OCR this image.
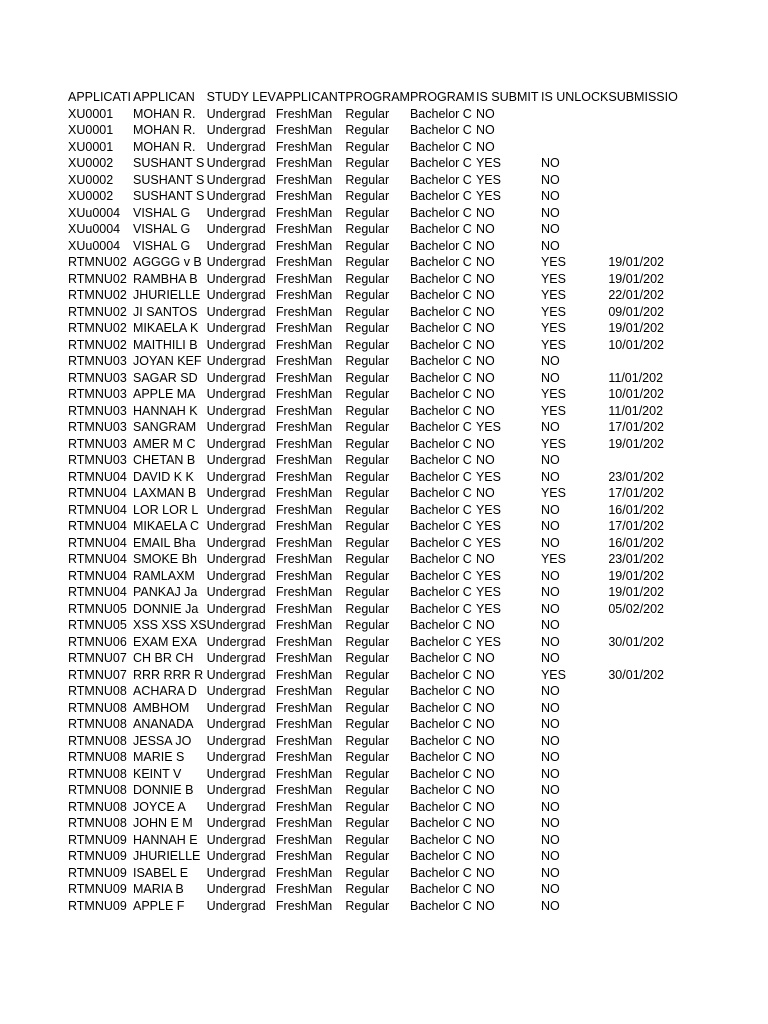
APPLICATI	APPLICAN	STUDY LEV	APPLICANT	PROGRAM	PROGRAM	IS SUBMIT	IS UNLOCK	SUBMISSIO
XU0001	MOHAN R.	Undergrad	FreshMan	Regular	Bachelor C	NO		
XU0001	MOHAN R.	Undergrad	FreshMan	Regular	Bachelor C	NO		
XU0001	MOHAN R.	Undergrad	FreshMan	Regular	Bachelor C	NO		
XU0002	SUSHANT S	Undergrad	FreshMan	Regular	Bachelor C	YES	NO	
XU0002	SUSHANT S	Undergrad	FreshMan	Regular	Bachelor C	YES	NO	
XU0002	SUSHANT S	Undergrad	FreshMan	Regular	Bachelor C	YES	NO	
XUu0004	VISHAL G	Undergrad	FreshMan	Regular	Bachelor C	NO	NO	
XUu0004	VISHAL G	Undergrad	FreshMan	Regular	Bachelor C	NO	NO	
XUu0004	VISHAL G	Undergrad	FreshMan	Regular	Bachelor C	NO	NO	
RTMNU02	AGGGG v B	Undergrad	FreshMan	Regular	Bachelor C	NO	YES	19/01/202
RTMNU02	RAMBHA B	Undergrad	FreshMan	Regular	Bachelor C	NO	YES	19/01/202
RTMNU02	JHURIELLE	Undergrad	FreshMan	Regular	Bachelor C	NO	YES	22/01/202
RTMNU02	JI SANTOS	Undergrad	FreshMan	Regular	Bachelor C	NO	YES	09/01/202
RTMNU02	MIKAELA K	Undergrad	FreshMan	Regular	Bachelor C	NO	YES	19/01/202
RTMNU02	MAITHILI B	Undergrad	FreshMan	Regular	Bachelor C	NO	YES	10/01/202
RTMNU03	JOYAN KEF	Undergrad	FreshMan	Regular	Bachelor C	NO	NO	
RTMNU03	SAGAR SD	Undergrad	FreshMan	Regular	Bachelor C	NO	NO	11/01/202
RTMNU03	APPLE MA	Undergrad	FreshMan	Regular	Bachelor C	NO	YES	10/01/202
RTMNU03	HANNAH K	Undergrad	FreshMan	Regular	Bachelor C	NO	YES	11/01/202
RTMNU03	SANGRAM	Undergrad	FreshMan	Regular	Bachelor C	YES	NO	17/01/202
RTMNU03	AMER M C	Undergrad	FreshMan	Regular	Bachelor C	NO	YES	19/01/202
RTMNU03	CHETAN B	Undergrad	FreshMan	Regular	Bachelor C	NO	NO	
RTMNU04	DAVID K K	Undergrad	FreshMan	Regular	Bachelor C	YES	NO	23/01/202
RTMNU04	LAXMAN B	Undergrad	FreshMan	Regular	Bachelor C	NO	YES	17/01/202
RTMNU04	LOR LOR L	Undergrad	FreshMan	Regular	Bachelor C	YES	NO	16/01/202
RTMNU04	MIKAELA C	Undergrad	FreshMan	Regular	Bachelor C	YES	NO	17/01/202
RTMNU04	EMAIL Bha	Undergrad	FreshMan	Regular	Bachelor C	YES	NO	16/01/202
RTMNU04	SMOKE Bh	Undergrad	FreshMan	Regular	Bachelor C	NO	YES	23/01/202
RTMNU04	RAMLAXM	Undergrad	FreshMan	Regular	Bachelor C	YES	NO	19/01/202
RTMNU04	PANKAJ Ja	Undergrad	FreshMan	Regular	Bachelor C	YES	NO	19/01/202
RTMNU05	DONNIE Ja	Undergrad	FreshMan	Regular	Bachelor C	YES	NO	05/02/202
RTMNU05	XSS XSS XS	Undergrad	FreshMan	Regular	Bachelor C	NO	NO	
RTMNU06	EXAM EXA	Undergrad	FreshMan	Regular	Bachelor C	YES	NO	30/01/202
RTMNU07	CH BR CH	Undergrad	FreshMan	Regular	Bachelor C	NO	NO	
RTMNU07	RRR RRR R	Undergrad	FreshMan	Regular	Bachelor C	NO	YES	30/01/202
RTMNU08	ACHARA D	Undergrad	FreshMan	Regular	Bachelor C	NO	NO	
RTMNU08	AMBHOM	Undergrad	FreshMan	Regular	Bachelor C	NO	NO	
RTMNU08	ANANADA	Undergrad	FreshMan	Regular	Bachelor C	NO	NO	
RTMNU08	JESSA JO	Undergrad	FreshMan	Regular	Bachelor C	NO	NO	
RTMNU08	MARIE S	Undergrad	FreshMan	Regular	Bachelor C	NO	NO	
RTMNU08	KEINT V	Undergrad	FreshMan	Regular	Bachelor C	NO	NO	
RTMNU08	DONNIE B	Undergrad	FreshMan	Regular	Bachelor C	NO	NO	
RTMNU08	JOYCE A	Undergrad	FreshMan	Regular	Bachelor C	NO	NO	
RTMNU08	JOHN E M	Undergrad	FreshMan	Regular	Bachelor C	NO	NO	
RTMNU09	HANNAH E	Undergrad	FreshMan	Regular	Bachelor C	NO	NO	
RTMNU09	JHURIELLE	Undergrad	FreshMan	Regular	Bachelor C	NO	NO	
RTMNU09	ISABEL E	Undergrad	FreshMan	Regular	Bachelor C	NO	NO	
RTMNU09	MARIA B	Undergrad	FreshMan	Regular	Bachelor C	NO	NO	
RTMNU09	APPLE F	Undergrad	FreshMan	Regular	Bachelor C	NO	NO	
